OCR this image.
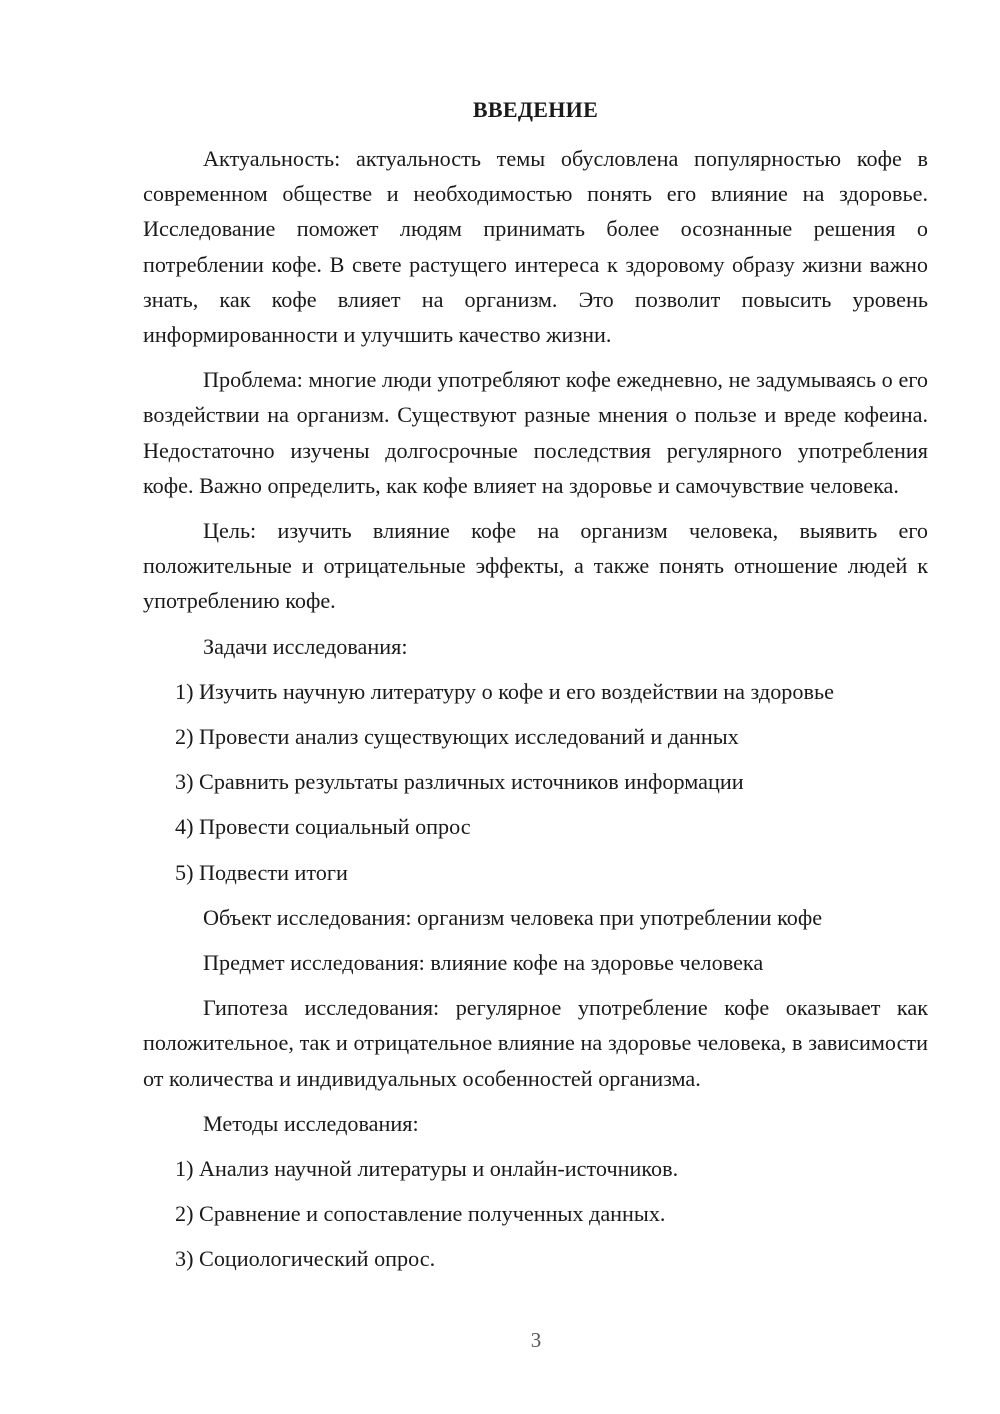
ВВЕДЕНИЕ

Актуальность: актуальность темы обусловлена популярностью кофе в современном обществе и необходимостью понять его влияние на здоровье. Исследование поможет людям принимать более осознанные решения о потреблении кофе. В свете растущего интереса к здоровому образу жизни важно знать, как кофе влияет на организм. Это позволит повысить уровень информированности и улучшить качество жизни.

Проблема: многие люди употребляют кофе ежедневно, не задумываясь о его воздействии на организм. Существуют разные мнения о пользе и вреде кофеина. Недостаточно изучены долгосрочные последствия регулярного употребления кофе. Важно определить, как кофе влияет на здоровье и самочувствие человека.

Цель: изучить влияние кофе на организм человека, выявить его положительные и отрицательные эффекты, а также понять отношение людей к употреблению кофе.

Задачи исследования:
1) Изучить научную литературу о кофе и его воздействии на здоровье
2) Провести анализ существующих исследований и данных
3) Сравнить результаты различных источников информации
4) Провести социальный опрос
5) Подвести итоги
Объект исследования: организм человека при употреблении кофе
Предмет исследования: влияние кофе на здоровье человека

Гипотеза исследования: регулярное употребление кофе оказывает как положительное, так и отрицательное влияние на здоровье человека, в зависимости от количества и индивидуальных особенностей организма.

Методы исследования:
1) Анализ научной литературы и онлайн-источников.
2) Сравнение и сопоставление полученных данных.
3) Социологический опрос.
3
